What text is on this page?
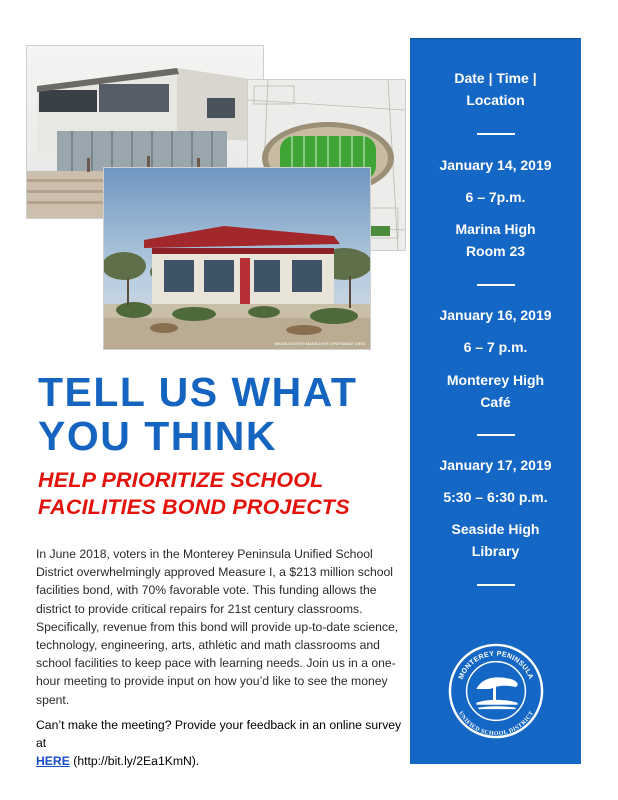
MEDIA CENTER MAKEOVER | ENTRANCE VIEW
TELL US WHAT
YOU THINK
HELP PRIORITIZE SCHOOL
FACILITIES BOND PROJECTS

In June 2018, voters in the Monterey Peninsula Unified School District overwhelmingly approved Measure I, a $213 million school facilities bond, with 70% favorable vote. This funding allows the district to provide critical repairs for 21st century classrooms. Specifically, revenue from this bond will provide up-to-date science, technology, engineering, arts, athletic and math classrooms and school facilities to keep pace with learning needs. Join us in a one-hour meeting to provide input on how you’d like to see the money spent.

Can’t make the meeting? Provide your feedback in an online survey at
HERE (http://bit.ly/2Ea1KmN).

Date | Time |
Location
January 14, 2019
6 – 7p.m.
Marina High
Room 23
January 16, 2019
6 – 7 p.m.
Monterey High
Café
January 17, 2019
5:30 – 6:30 p.m.
Seaside High
Library
MONTEREY PENINSULA
UNIFIED SCHOOL DISTRICT
